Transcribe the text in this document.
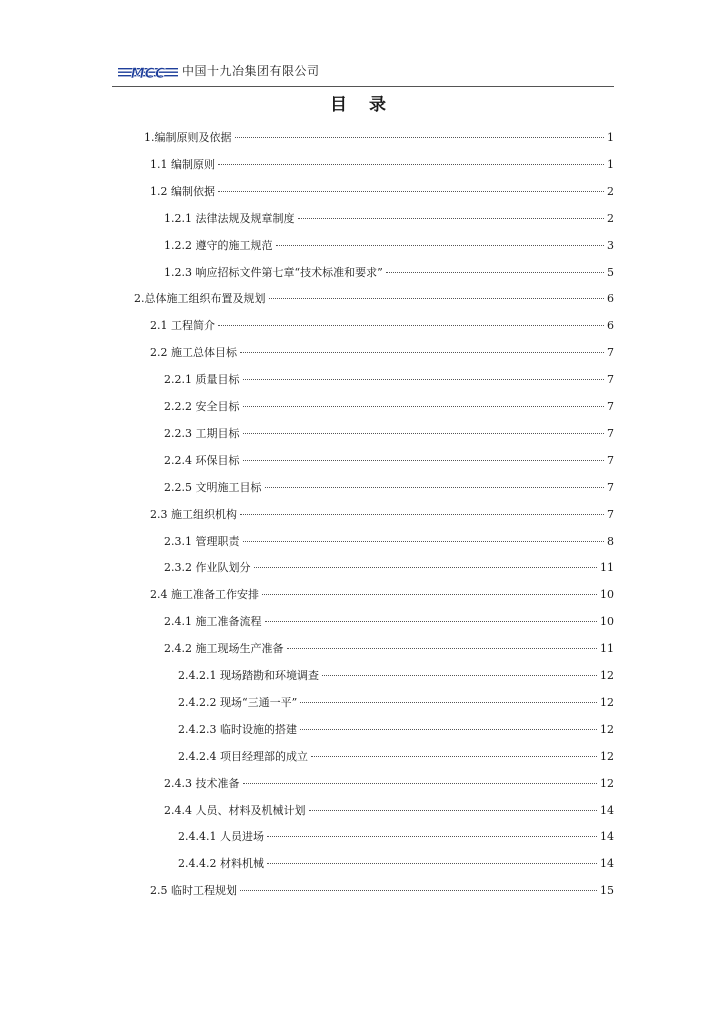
MCC 中国十九冶集团有限公司
目 录
1.编制原则及依据	1
1.1 编制原则	1
1.2 编制依据	2
1.2.1 法律法规及规章制度	2
1.2.2 遵守的施工规范	3
1.2.3 响应招标文件第七章“技术标准和要求”	5
2.总体施工组织布置及规划	6
2.1 工程简介	6
2.2 施工总体目标	7
2.2.1 质量目标	7
2.2.2 安全目标	7
2.2.3 工期目标	7
2.2.4 环保目标	7
2.2.5 文明施工目标	7
2.3 施工组织机构	7
2.3.1 管理职责	8
2.3.2 作业队划分	11
2.4 施工准备工作安排	10
2.4.1 施工准备流程	10
2.4.2 施工现场生产准备	11
2.4.2.1 现场踏勘和环境调查	12
2.4.2.2 现场“三通一平”	12
2.4.2.3 临时设施的搭建	12
2.4.2.4 项目经理部的成立	12
2.4.3 技术准备	12
2.4.4 人员、材料及机械计划	14
2.4.4.1 人员进场	14
2.4.4.2 材料机械	14
2.5 临时工程规划	15
